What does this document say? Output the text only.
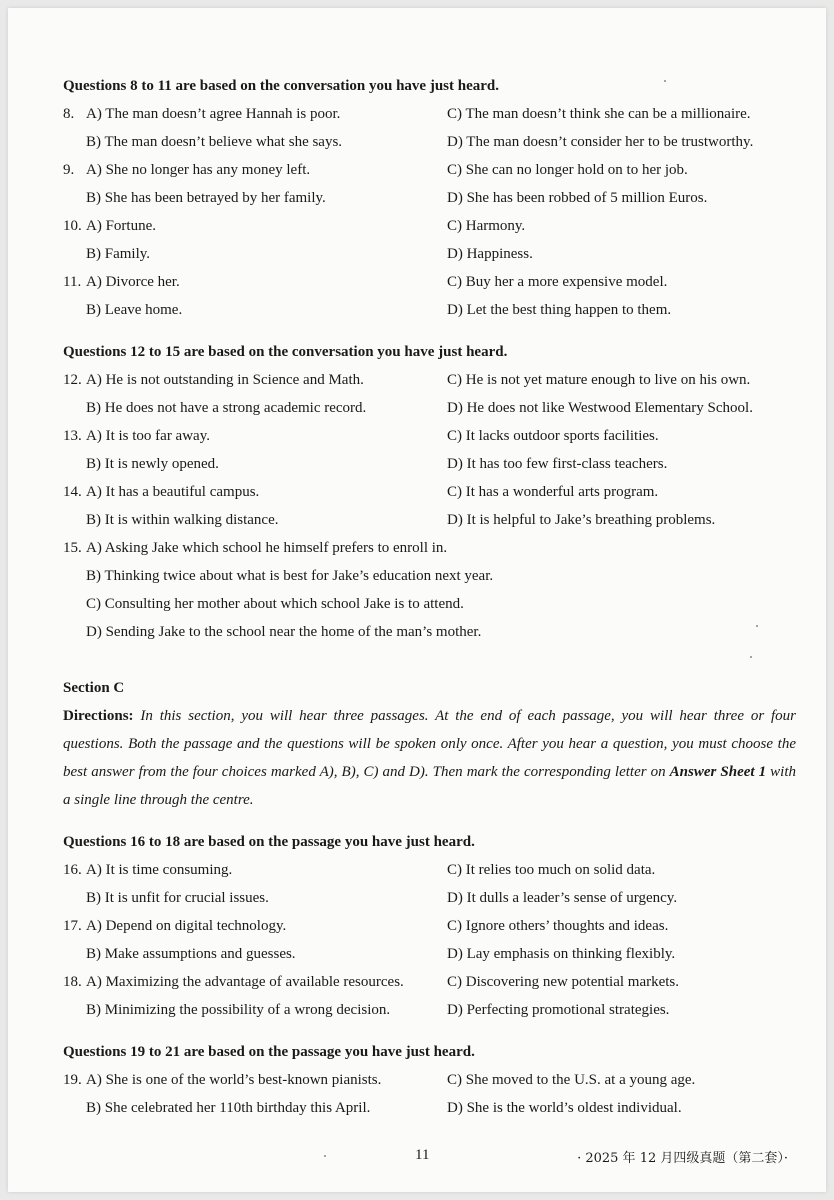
Questions 8 to 11 are based on the conversation you have just heard.
8. A) The man doesn’t agree Hannah is poor.	C) The man doesn’t think she can be a millionaire.
B) The man doesn’t believe what she says.	D) The man doesn’t consider her to be trustworthy.
9. A) She no longer has any money left.	C) She can no longer hold on to her job.
B) She has been betrayed by her family.	D) She has been robbed of 5 million Euros.
10. A) Fortune.	C) Harmony.
B) Family.	D) Happiness.
11. A) Divorce her.	C) Buy her a more expensive model.
B) Leave home.	D) Let the best thing happen to them.
Questions 12 to 15 are based on the conversation you have just heard.
12. A) He is not outstanding in Science and Math.	C) He is not yet mature enough to live on his own.
B) He does not have a strong academic record.	D) He does not like Westwood Elementary School.
13. A) It is too far away.	C) It lacks outdoor sports facilities.
B) It is newly opened.	D) It has too few first-class teachers.
14. A) It has a beautiful campus.	C) It has a wonderful arts program.
B) It is within walking distance.	D) It is helpful to Jake’s breathing problems.
15. A) Asking Jake which school he himself prefers to enroll in.
B) Thinking twice about what is best for Jake’s education next year.
C) Consulting her mother about which school Jake is to attend.
D) Sending Jake to the school near the home of the man’s mother.
Section C
Directions: In this section, you will hear three passages. At the end of each passage, you will hear three or four questions. Both the passage and the questions will be spoken only once. After you hear a question, you must choose the best answer from the four choices marked A), B), C) and D). Then mark the corresponding letter on Answer Sheet 1 with a single line through the centre.
Questions 16 to 18 are based on the passage you have just heard.
16. A) It is time consuming.	C) It relies too much on solid data.
B) It is unfit for crucial issues.	D) It dulls a leader’s sense of urgency.
17. A) Depend on digital technology.	C) Ignore others’ thoughts and ideas.
B) Make assumptions and guesses.	D) Lay emphasis on thinking flexibly.
18. A) Maximizing the advantage of available resources.	C) Discovering new potential markets.
B) Minimizing the possibility of a wrong decision.	D) Perfecting promotional strategies.
Questions 19 to 21 are based on the passage you have just heard.
19. A) She is one of the world’s best-known pianists.	C) She moved to the U.S. at a young age.
B) She celebrated her 110th birthday this April.	D) She is the world’s oldest individual.
11	· 2025 年 12 月四级真题（第二套）·
